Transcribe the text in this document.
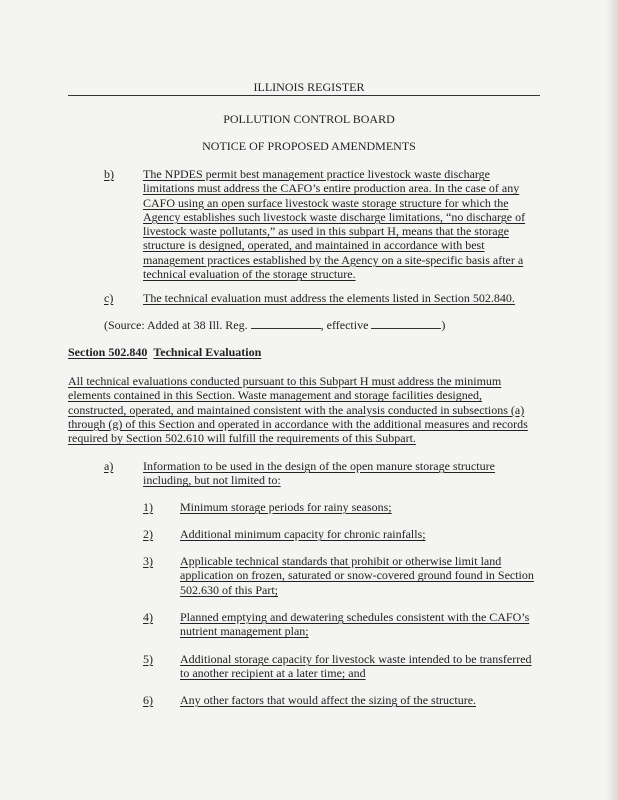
ILLINOIS REGISTER
POLLUTION CONTROL BOARD
NOTICE OF PROPOSED AMENDMENTS
b) The NPDES permit best management practice livestock waste discharge
limitations must address the CAFO’s entire production area. In the case of any
CAFO using an open surface livestock waste storage structure for which the
Agency establishes such livestock waste discharge limitations, “no discharge of
livestock waste pollutants,” as used in this subpart H, means that the storage
structure is designed, operated, and maintained in accordance with best
management practices established by the Agency on a site-specific basis after a
technical evaluation of the storage structure.
c) The technical evaluation must address the elements listed in Section 502.840.
(Source: Added at 38 Ill. Reg.	, effective	)
Section 502.840 Technical Evaluation
All technical evaluations conducted pursuant to this Subpart H must address the minimum
elements contained in this Section. Waste management and storage facilities designed,
constructed, operated, and maintained consistent with the analysis conducted in subsections (a)
through (g) of this Section and operated in accordance with the additional measures and records
required by Section 502.610 will fulfill the requirements of this Subpart.
a) Information to be used in the design of the open manure storage structure
including, but not limited to:
1) Minimum storage periods for rainy seasons;
2) Additional minimum capacity for chronic rainfalls;
3) Applicable technical standards that prohibit or otherwise limit land
application on frozen, saturated or snow-covered ground found in Section
502.630 of this Part;
4) Planned emptying and dewatering schedules consistent with the CAFO’s
nutrient management plan;
5) Additional storage capacity for livestock waste intended to be transferred
to another recipient at a later time; and
6) Any other factors that would affect the sizing of the structure.
